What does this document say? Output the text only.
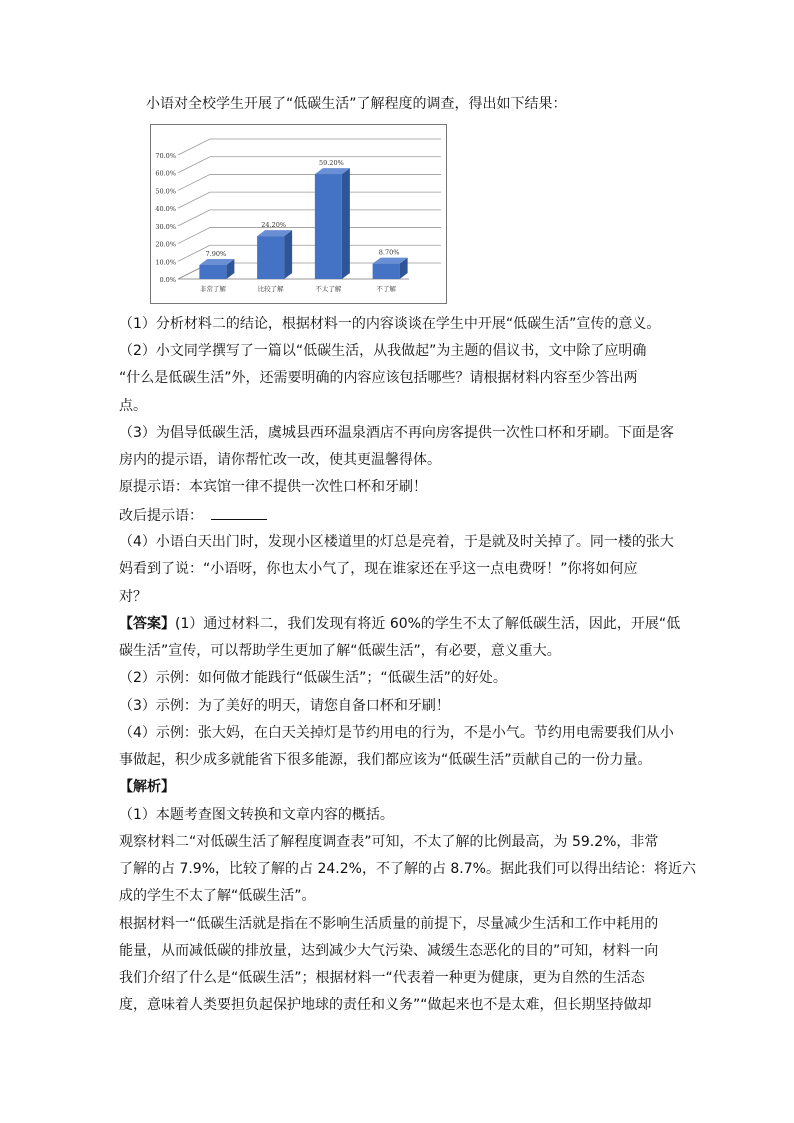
小语对全校学生开展了“低碳生活”了解程度的调查，得出如下结果：

0.0%
10.0%
20.0%
30.0%
40.0%
50.0%
60.0%
70.0%
7.90%
非常了解
24.20%
比较了解
59.20%
不太了解
8.70%
不了解

（1）分析材料二的结论，根据材料一的内容谈谈在学生中开展“低碳生活”宣传的意义。

（2）小文同学撰写了一篇以“低碳生活，从我做起”为主题的倡议书，文中除了应明确

“什么是低碳生活”外，还需要明确的内容应该包括哪些？请根据材料内容至少答出两

点。

（3）为倡导低碳生活，虞城县西环温泉酒店不再向房客提供一次性口杯和牙刷。下面是客

房内的提示语，请你帮忙改一改，使其更温馨得体。

原提示语：本宾馆一律不提供一次性口杯和牙刷！

改后提示语：

（4）小语白天出门时，发现小区楼道里的灯总是亮着，于是就及时关掉了。同一楼的张大

妈看到了说：“小语呀，你也太小气了，现在谁家还在乎这一点电费呀！”你将如何应

对？

【答案】(1）通过材料二，我们发现有将近 60%的学生不太了解低碳生活，因此，开展“低

碳生活”宣传，可以帮助学生更加了解“低碳生活”，有必要，意义重大。

（2）示例：如何做才能践行“低碳生活”；“低碳生活”的好处。

（3）示例：为了美好的明天，请您自备口杯和牙刷！

（4）示例：张大妈，在白天关掉灯是节约用电的行为，不是小气。节约用电需要我们从小

事做起，积少成多就能省下很多能源，我们都应该为“低碳生活”贡献自己的一份力量。

【解析】

（1）本题考查图文转换和文章内容的概括。

观察材料二“对低碳生活了解程度调查表”可知，不太了解的比例最高，为 59.2%，非常

了解的占 7.9%，比较了解的占 24.2%，不了解的占 8.7%。据此我们可以得出结论：将近六

成的学生不太了解“低碳生活”。

根据材料一“低碳生活就是指在不影响生活质量的前提下，尽量减少生活和工作中耗用的

能量，从而减低碳的排放量，达到减少大气污染、减缓生态恶化的目的”可知，材料一向

我们介绍了什么是“低碳生活”；根据材料一“代表着一种更为健康，更为自然的生活态

度，意味着人类要担负起保护地球的责任和义务”“做起来也不是太难，但长期坚持做却
